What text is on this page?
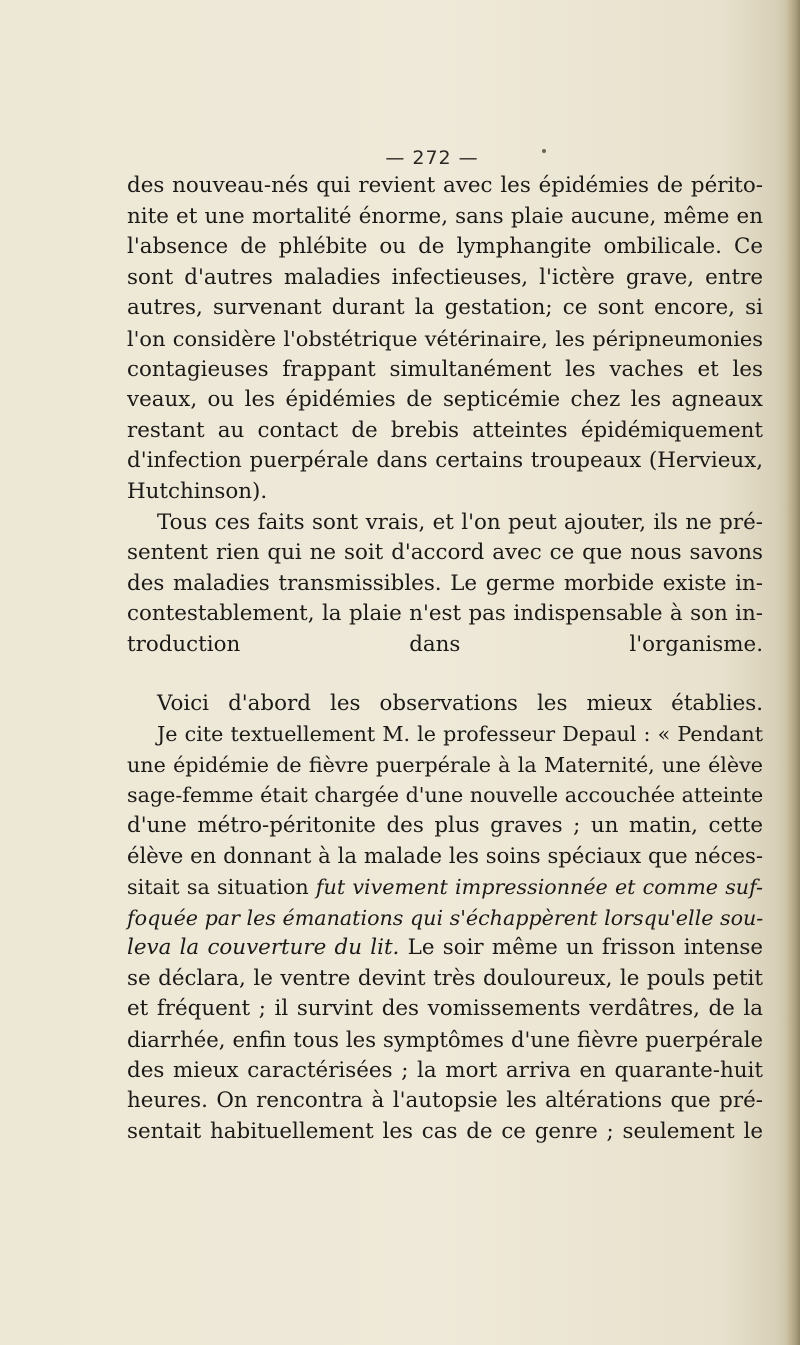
— 272 —

des nouveau-nés qui revient avec les épidémies de périto-
nite et une mortalité énorme, sans plaie aucune, même en
l'absence de phlébite ou de lymphangite ombilicale. Ce
sont d'autres maladies infectieuses, l'ictère grave, entre
autres, survenant durant la gestation; ce sont encore, si
l'on considère l'obstétrique vétérinaire, les péripneumonies
contagieuses frappant simultanément les vaches et les
veaux, ou les épidémies de septicémie chez les agneaux
restant au contact de brebis atteintes épidémiquement
d'infection puerpérale dans certains troupeaux (Hervieux,
Hutchinson).

Tous ces faits sont vrais, et l'on peut ajouter, ils ne pré-
sentent rien qui ne soit d'accord avec ce que nous savons
des maladies transmissibles. Le germe morbide existe in-
contestablement, la plaie n'est pas indispensable à son in-
troduction dans l'organisme.

Voici d'abord les observations les mieux établies.

Je cite textuellement M. le professeur Depaul : « Pendant
une épidémie de fièvre puerpérale à la Maternité, une élève
sage-femme était chargée d'une nouvelle accouchée atteinte
d'une métro-péritonite des plus graves ; un matin, cette
élève en donnant à la malade les soins spéciaux que néces-
sitait sa situation fut vivement impressionnée et comme suf-
foquée par les émanations qui s'échappèrent lorsqu'elle sou-
leva la couverture du lit. Le soir même un frisson intense
se déclara, le ventre devint très douloureux, le pouls petit
et fréquent ; il survint des vomissements verdâtres, de la
diarrhée, enfin tous les symptômes d'une fièvre puerpérale
des mieux caractérisées ; la mort arriva en quarante-huit
heures. On rencontra à l'autopsie les altérations que pré-
sentait habituellement les cas de ce genre ; seulement le
